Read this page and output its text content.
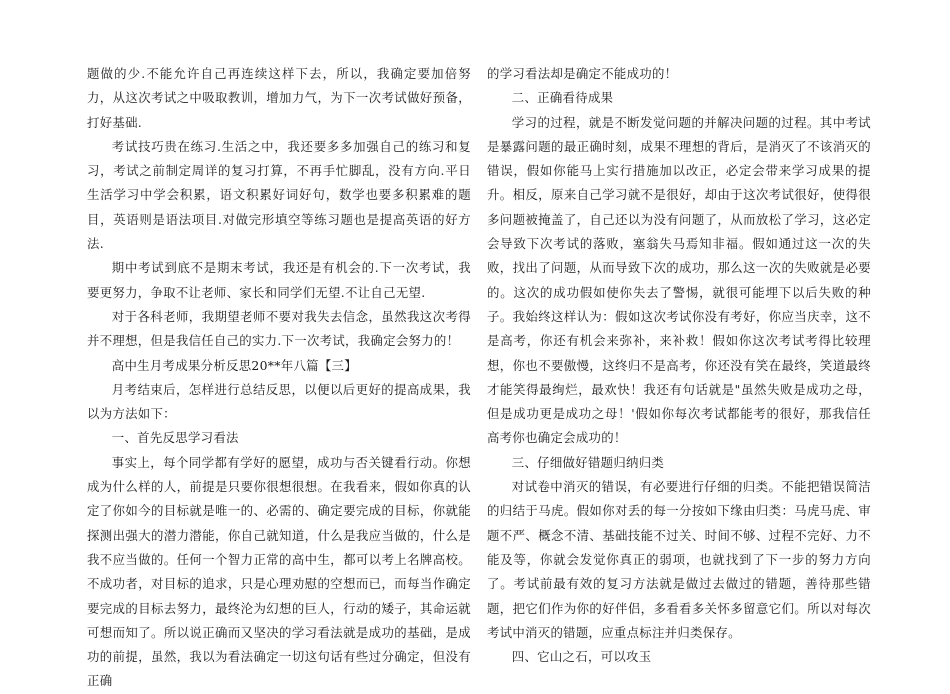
题做的少.不能允许自己再连续这样下去，所以，我确定要加倍努力，从这次考试之中吸取教训，增加力气，为下一次考试做好预备，打好基础.

考试技巧贵在练习.生活之中，我还要多多加强自己的练习和复习，考试之前制定周详的复习打算，不再手忙脚乱，没有方向.平日生活学习中学会积累，语文积累好词好句，数学也要多积累难的题目，英语则是语法项目.对做完形填空等练习题也是提高英语的好方法.

期中考试到底不是期末考试，我还是有机会的.下一次考试，我要更努力，争取不让老师、家长和同学们无望.不让自己无望.

对于各科老师，我期望老师不要对我失去信念，虽然我这次考得并不理想，但是我信任自己的实力.下一次考试，我确定会努力的！

高中生月考成果分析反思20**年八篇【三】

月考结束后，怎样进行总结反思，以便以后更好的提高成果，我以为方法如下：

一、首先反思学习看法

事实上，每个同学都有学好的愿望，成功与否关键看行动。你想成为什么样的人，前提是只要你很想很想。在我看来，假如你真的认定了你如今的目标就是唯一的、必需的、确定要完成的目标，你就能探测出强大的潜力潜能，你自己就知道，什么是我应当做的，什么是我不应当做的。任何一个智力正常的高中生，都可以考上名牌高校。不成功者，对目标的追求，只是心理劝慰的空想而已，而每当作确定要完成的目标去努力，最终沦为幻想的巨人，行动的矮子，其命运就可想而知了。所以说正确而又坚决的学习看法就是成功的基础，是成功的前提，虽然，我以为看法确定一切这句话有些过分确定，但没有正确

的学习看法却是确定不能成功的！

二、正确看待成果

学习的过程，就是不断发觉问题的并解决问题的过程。其中考试是暴露问题的最正确时刻，成果不理想的背后，是消灭了不该消灭的错误，假如你能马上实行措施加以改正，必定会带来学习成果的提升。相反，原来自己学习就不是很好，却由于这次考试很好，使得很多问题被掩盖了，自己还以为没有问题了，从而放松了学习，这必定会导致下次考试的落败，塞翁失马焉知非福。假如通过这一次的失败，找出了问题，从而导致下次的成功，那么这一次的失败就是必要的。这次的成功假如使你失去了警惕，就很可能埋下以后失败的种子。我始终这样认为：假如这次考试你没有考好，你应当庆幸，这不是高考，你还有机会来弥补，来补救！假如你这次考试考得比较理想，你也不要傲慢，这终归不是高考，你还没有笑在最终，笑道最终才能笑得最绚烂，最欢快！我还有句话就是"虽然失败是成功之母，但是成功更是成功之母！'假如你每次考试都能考的很好，那我信任高考你也确定会成功的！

三、仔细做好错题归纳归类

对试卷中消灭的错误，有必要进行仔细的归类。不能把错误简洁的归结于马虎。假如你对丢的每一分按如下缘由归类：马虎马虎、审题不严、概念不清、基础技能不过关、时间不够、过程不完好、力不能及等，你就会发觉你真正的弱项，也就找到了下一步的努力方向了。考试前最有效的复习方法就是做过去做过的错题，善待那些错题，把它们作为你的好伴侣，多看看多关怀多留意它们。所以对每次考试中消灭的错题，应重点标注并归类保存。

四、它山之石，可以攻玉
